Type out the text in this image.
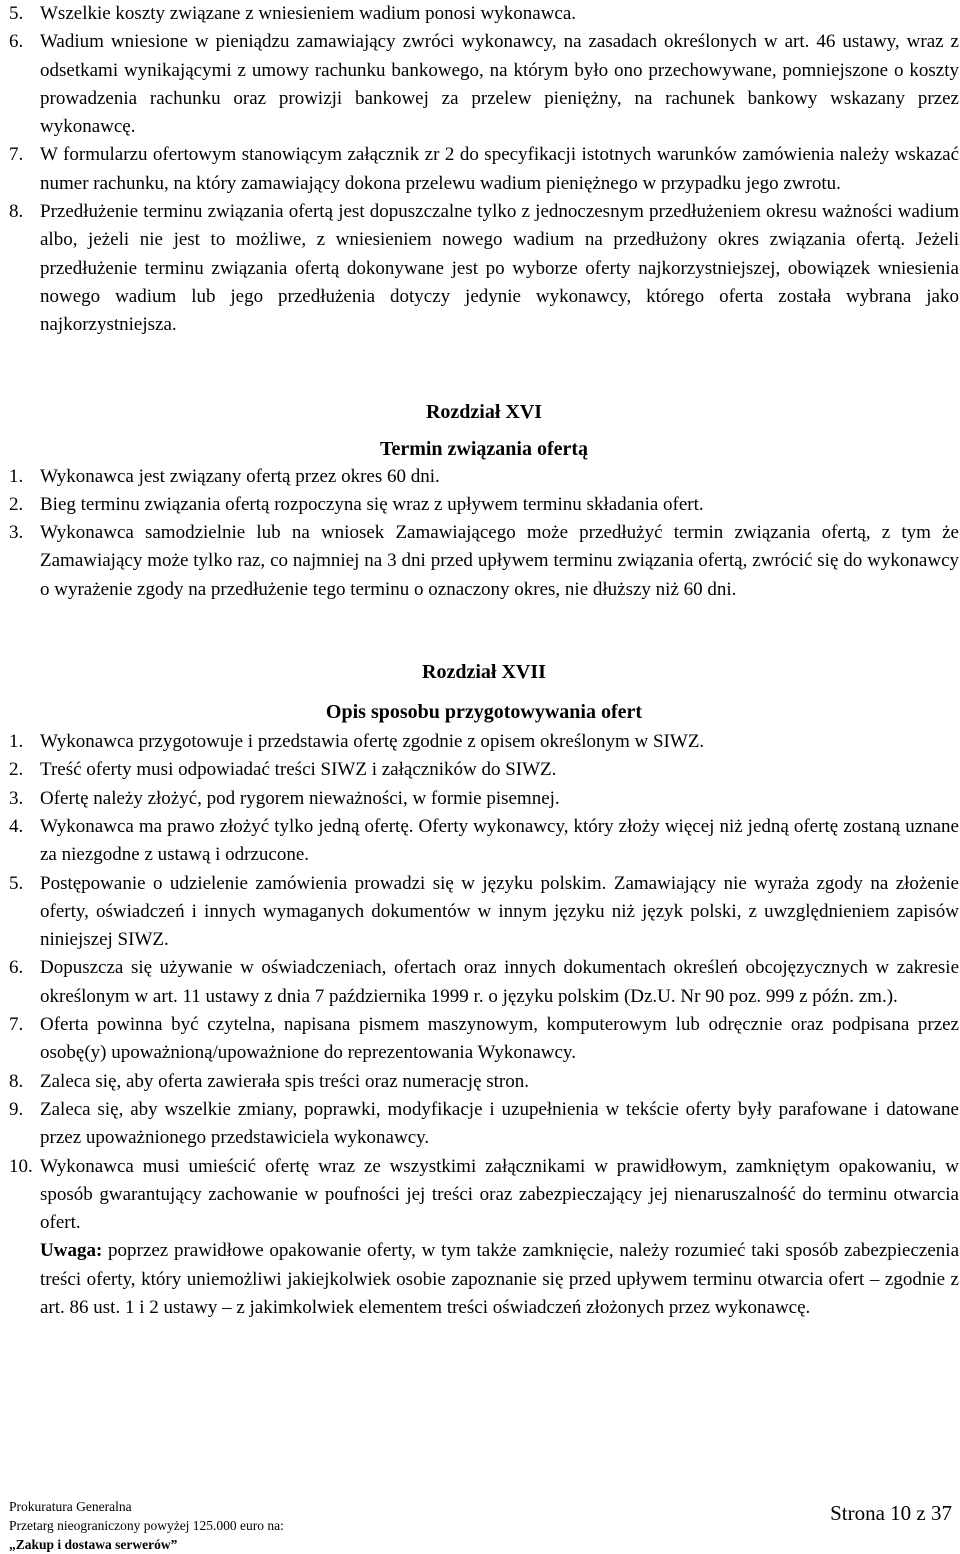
5. Wszelkie koszty związane z wniesieniem wadium ponosi wykonawca.
6. Wadium wniesione w pieniądzu zamawiający zwróci wykonawcy, na zasadach określonych w art. 46 ustawy, wraz z odsetkami wynikającymi z umowy rachunku bankowego, na którym było ono przechowywane, pomniejszone o koszty prowadzenia rachunku oraz prowizji bankowej za przelew pieniężny, na rachunek bankowy wskazany przez wykonawcę.
7. W formularzu ofertowym stanowiącym załącznik zr 2 do specyfikacji istotnych warunków zamówienia należy wskazać numer rachunku, na który zamawiający dokona przelewu wadium pieniężnego w przypadku jego zwrotu.
8. Przedłużenie terminu związania ofertą jest dopuszczalne tylko z jednoczesnym przedłużeniem okresu ważności wadium albo, jeżeli nie jest to możliwe, z wniesieniem nowego wadium na przedłużony okres związania ofertą. Jeżeli przedłużenie terminu związania ofertą dokonywane jest po wyborze oferty najkorzystniejszej, obowiązek wniesienia nowego wadium lub jego przedłużenia dotyczy jedynie wykonawcy, którego oferta została wybrana jako najkorzystniejsza.

Rozdział XVI

Termin związania ofertą

1. Wykonawca jest związany ofertą przez okres 60 dni.
2. Bieg terminu związania ofertą rozpoczyna się wraz z upływem terminu składania ofert.
3. Wykonawca samodzielnie lub na wniosek Zamawiającego może przedłużyć termin związania ofertą, z tym że Zamawiający może tylko raz, co najmniej na 3 dni przed upływem terminu związania ofertą, zwrócić się do wykonawcy o wyrażenie zgody na przedłużenie tego terminu o oznaczony okres, nie dłuższy niż 60 dni.

Rozdział XVII

Opis sposobu przygotowywania ofert

1. Wykonawca przygotowuje i przedstawia ofertę zgodnie z opisem określonym w SIWZ.
2. Treść oferty musi odpowiadać treści SIWZ i załączników do SIWZ.
3. Ofertę należy złożyć, pod rygorem nieważności, w formie pisemnej.
4. Wykonawca ma prawo złożyć tylko jedną ofertę. Oferty wykonawcy, który złoży więcej niż jedną ofertę zostaną uznane za niezgodne z ustawą i odrzucone.
5. Postępowanie o udzielenie zamówienia prowadzi się w języku polskim. Zamawiający nie wyraża zgody na złożenie oferty, oświadczeń i innych wymaganych dokumentów w innym języku niż język polski, z uwzględnieniem zapisów niniejszej SIWZ.
6. Dopuszcza się używanie w oświadczeniach, ofertach oraz innych dokumentach określeń obcojęzycznych w zakresie określonym w art. 11 ustawy z dnia 7 października 1999 r. o języku polskim (Dz.U. Nr 90 poz. 999 z późn. zm.).
7. Oferta powinna być czytelna, napisana pismem maszynowym, komputerowym lub odręcznie oraz podpisana przez osobę(y) upoważnioną/upoważnione do reprezentowania Wykonawcy.
8. Zaleca się, aby oferta zawierała spis treści oraz numerację stron.
9. Zaleca się, aby wszelkie zmiany, poprawki, modyfikacje i uzupełnienia w tekście oferty były parafowane i datowane przez upoważnionego przedstawiciela wykonawcy.
10. Wykonawca musi umieścić ofertę wraz ze wszystkimi załącznikami w prawidłowym, zamkniętym opakowaniu, w sposób gwarantujący zachowanie w poufności jej treści oraz zabezpieczający jej nienaruszalność do terminu otwarcia ofert.
Uwaga: poprzez prawidłowe opakowanie oferty, w tym także zamknięcie, należy rozumieć taki sposób zabezpieczenia treści oferty, który uniemożliwi jakiejkolwiek osobie zapoznanie się przed upływem terminu otwarcia ofert – zgodnie z art. 86 ust. 1 i 2 ustawy – z jakimkolwiek elementem treści oświadczeń złożonych przez wykonawcę.
Prokuratura Generalna
Przetarg nieograniczony powyżej 125.000 euro na:
„Zakup i dostawa serwerów”
Strona 10 z 37
